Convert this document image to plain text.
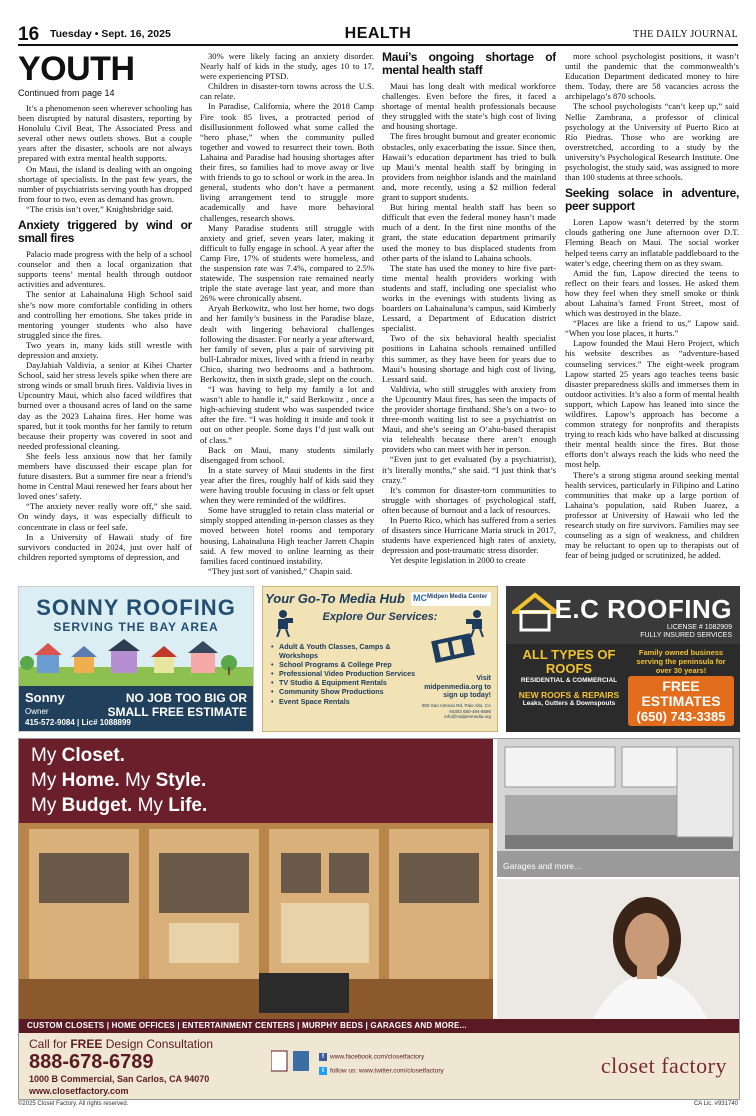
16 Tuesday • Sept. 16, 2025	HEALTH	THE DAILY JOURNAL
YOUTH
Continued from page 14

It’s a phenomenon seen wherever schooling has been disrupted by natural disasters, reporting by Honolulu Civil Beat, The Associated Press and several other news outlets shows. But a couple years after the disaster, schools are not always prepared with extra mental health supports.

On Maui, the island is dealing with an ongoing shortage of specialists. In the past few years, the number of psychiatrists serving youth has dropped from four to two, even as demand has grown.

“The crisis isn’t over,” Knightsbridge said.

Anxiety triggered by wind or small fires

Palacio made progress with the help of a school counselor and then a local organization that supports teens’ mental health through outdoor activities and adventures.

The senior at Lahainaluna High School said she’s now more comfortable confiding in others and controlling her emotions. She takes pride in mentoring younger students who also have struggled since the fires.

Two years in, many kids still wrestle with depression and anxiety.

DayJahiah Valdivia, a senior at Kihei Charter School, said her stress levels spike when there are strong winds or small brush fires. Valdivia lives in Upcountry Maui, which also faced wildfires that burned over a thousand acres of land on the same day as the 2023 Lahaina fires. Her home was spared, but it took months for her family to return because their property was covered in soot and needed professional cleaning.

She feels less anxious now that her family members have discussed their escape plan for future disasters. But a summer fire near a friend’s home in Central Maui renewed her fears about her loved ones’ safety.

“The anxiety never really wore off,” she said. On windy days, it was especially difficult to concentrate in class or feel safe.

In a University of Hawaii study of fire survivors conducted in 2024, just over half of children reported symptoms of depression, and

30% were likely facing an anxiety disorder. Nearly half of kids in the study, ages 10 to 17, were experiencing PTSD.

Children in disaster-torn towns across the U.S. can relate.

In Paradise, California, where the 2018 Camp Fire took 85 lives, a protracted period of disillusionment followed what some called the “hero phase,” when the community pulled together and vowed to resurrect their town. Both Lahaina and Paradise had housing shortages after their fires, so families had to move away or live with friends to go to school or work in the area. In general, students who don’t have a permanent living arrangement tend to struggle more academically and have more behavioral challenges, research shows.

Many Paradise students still struggle with anxiety and grief, seven years later, making it difficult to fully engage in school. A year after the Camp Fire, 17% of students were homeless, and the suspension rate was 7.4%, compared to 2.5% statewide. The suspension rate remained nearly triple the state average last year, and more than 26% were chronically absent.

Aryah Berkowitz, who lost her home, two dogs and her family’s business in the Paradise blaze, dealt with lingering behavioral challenges following the disaster. For nearly a year afterward, her family of seven, plus a pair of surviving pit bull-Labrador mixes, lived with a friend in nearby Chico, sharing two bedrooms and a bathroom. Berkowitz, then in sixth grade, slept on the couch.

“I was having to help my family a lot and wasn’t able to handle it,” said Berkowitz , once a high-achieving student who was suspended twice after the fire. “I was holding it inside and took it out on other people. Some days I’d just walk out of class.”

Back on Maui, many students similarly disengaged from school.

In a state survey of Maui students in the first year after the fires, roughly half of kids said they were having trouble focusing in class or felt upset when they were reminded of the wildfires.

Some have struggled to retain class material or simply stopped attending in-person classes as they moved between hotel rooms and temporary housing, Lahainaluna High teacher Jarrett Chapin said. A few moved to online learning as their families faced continued instability.

“They just sort of vanished,” Chapin said.

Maui’s ongoing shortage of mental health staff

Maui has long dealt with medical workforce challenges. Even before the fires, it faced a shortage of mental health professionals because they struggled with the state’s high cost of living and housing shortage.

The fires brought burnout and greater economic obstacles, only exacerbating the issue. Since then, Hawaii’s education department has tried to bulk up Maui’s mental health staff by bringing in providers from neighbor islands and the mainland and, more recently, using a $2 million federal grant to support students.

But hiring mental health staff has been so difficult that even the federal money hasn’t made much of a dent. In the first nine months of the grant, the state education department primarily used the money to bus displaced students from other parts of the island to Lahaina schools.

The state has used the money to hire five part-time mental health providers working with students and staff, including one specialist who works in the evenings with students living as boarders on Lahainaluna’s campus, said Kimberly Lessard, a Department of Education district specialist.

Two of the six behavioral health specialist positions in Lahaina schools remained unfilled this summer, as they have been for years due to Maui’s housing shortage and high cost of living, Lessard said.

Valdivia, who still struggles with anxiety from the Upcountry Maui fires, has seen the impacts of the provider shortage firsthand. She’s on a two- to three-month waiting list to see a psychiatrist on Maui, and she’s seeing an O‘ahu-based therapist via telehealth because there aren’t enough providers who can meet with her in person.

“Even just to get evaluated (by a psychiatrist), it’s literally months,” she said. “I just think that’s crazy.”

It’s common for disaster-torn communities to struggle with shortages of psychological staff, often because of burnout and a lack of resources.

In Puerto Rico, which has suffered from a series of disasters since Hurricane Maria struck in 2017, students have experienced high rates of anxiety, depression and post-traumatic stress disorder.

Yet despite legislation in 2000 to create

more school psychologist positions, it wasn’t until the pandemic that the commonwealth’s Education Department dedicated money to hire them. Today, there are 58 vacancies across the archipelago’s 870 schools.

The school psychologists “can’t keep up,” said Nellie Zambrana, a professor of clinical psychology at the University of Puerto Rico at Río Piedras. Those who are working are overstretched, according to a study by the university’s Psychological Research Institute. One psychologist, the study said, was assigned to more than 100 students at three schools.

Seeking solace in adventure, peer support

Loren Lapow wasn’t deterred by the storm clouds gathering one June afternoon over D.T. Fleming Beach on Maui. The social worker helped teens carry an inflatable paddleboard to the water’s edge, cheering them on as they swam.

Amid the fun, Lapow directed the teens to reflect on their fears and losses. He asked them how they feel when they smell smoke or think about Lahaina’s famed Front Street, most of which was destroyed in the blaze.

“Places are like a friend to us,” Lapow said. “When you lose places, it hurts.”

Lapow founded the Maui Hero Project, which his website describes as “adventure-based counseling services.” The eight-week program Lapow started 25 years ago teaches teens basic disaster preparedness skills and immerses them in outdoor activities. It’s also a form of mental health support, which Lapow has leaned into since the wildfires. Lapow’s approach has become a common strategy for nonprofits and therapists trying to reach kids who have balked at discussing their mental health since the fires. But those efforts don’t always reach the kids who need the most help.

There’s a strong stigma around seeking mental health services, particularly in Filipino and Latino communities that make up a large portion of Lahaina’s population, said Ruben Juarez, a professor at University of Hawaii who led the research study on fire survivors. Families may see counseling as a sign of weakness, and children may be reluctant to open up to therapists out of fear of being judged or scrutinized, he added.

SONNY ROOFING
SERVING THE BAY AREA
Sonny
Owner
415-572-9084 | Lic# 1088899
NO JOB TOO BIG OR SMALL FREE ESTIMATE
Your Go-To Media Hub MC Midpen Media Center
Explore Our Services:
• Adult & Youth Classes, Camps & Workshops
• School Programs & College Prep
• Professional Video Production Services
• TV Studio & Equipment Rentals
• Community Show Productions
• Event Space Rentals
Visit midpenmedia.org to sign up today!
900 San Antonio Rd. Palo Alto, CA 94303 650-494-8686 info@midpenmedia.org
E.C ROOFING
LICENSE # 1082909
FULLY INSURED SERVICES
ALL TYPES OF ROOFS
RESIDENTIAL & COMMERCIAL
NEW ROOFS & REPAIRS
Leaks, Gutters & Downspouts
Family owned business serving the peninsula for over 30 years!
FREE ESTIMATES
(650) 743-3385
My Closet.
My Home. My Style.
My Budget. My Life.
Garages and more...
CUSTOM CLOSETS | HOME OFFICES | ENTERTAINMENT CENTERS | MURPHY BEDS | GARAGES AND MORE...
Call for FREE Design Consultation
888-678-6789
1000 B Commercial, San Carlos, CA 94070
www.closetfactory.com
f www.facebook.com/closetfactory
t follow us: www.twitter.com/closetfactory	closet factory
©2025 Closet Factory. All rights reserved.	CA Lic. #931740
